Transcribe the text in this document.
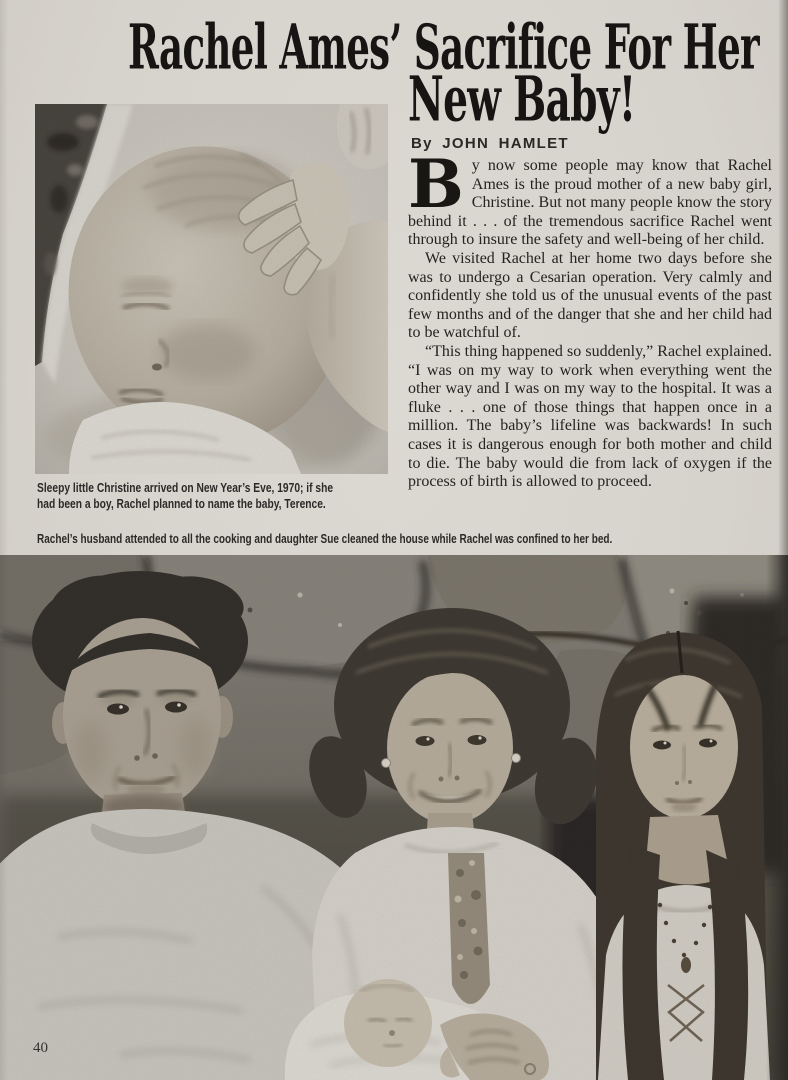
Rachel Ames’ Sacrifice For Her
New Baby!
By JOHN HAMLET

By now some people may know that Rachel Ames is the proud mother of a new baby girl, Christine. But not many people know the story behind it . . . of the tremendous sacrifice Rachel went through to insure the safety and well-being of her child.

We visited Rachel at her home two days before she was to undergo a Cesarian operation. Very calmly and confidently she told us of the unusual events of the past few months and of the danger that she and her child had to be watchful of.

“This thing happened so suddenly,” Rachel explained. “I was on my way to work when everything went the other way and I was on my way to the hospital. It was a fluke . . . one of those things that happen once in a million. The baby’s lifeline was backwards! In such cases it is dangerous enough for both mother and child to die. The baby would die from lack of oxygen if the process of birth is allowed to proceed.

Sleepy little Christine arrived on New Year’s Eve, 1970; if she
had been a boy, Rachel planned to name the baby, Terence.
Rachel’s husband attended to all the cooking and daughter Sue cleaned the house while Rachel was confined to her bed.
40
